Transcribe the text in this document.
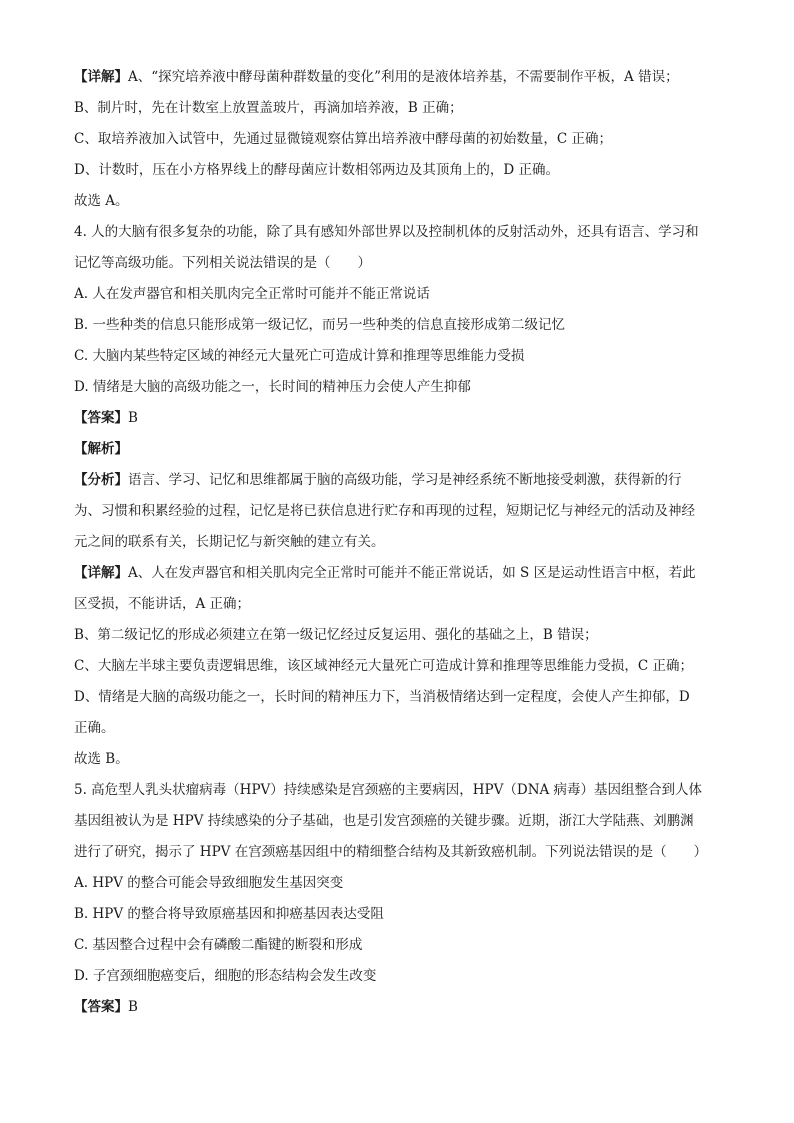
【详解】A、“探究培养液中酵母菌种群数量的变化”利用的是液体培养基，不需要制作平板，A 错误；
B、制片时，先在计数室上放置盖玻片，再滴加培养液，B 正确；
C、取培养液加入试管中，先通过显微镜观察估算出培养液中酵母菌的初始数量，C 正确；
D、计数时，压在小方格界线上的酵母菌应计数相邻两边及其顶角上的，D 正确。
故选 A。
4. 人的大脑有很多复杂的功能，除了具有感知外部世界以及控制机体的反射活动外，还具有语言、学习和
记忆等高级功能。下列相关说法错误的是（　　）
A. 人在发声器官和相关肌肉完全正常时可能并不能正常说话
B. 一些种类的信息只能形成第一级记忆，而另一些种类的信息直接形成第二级记忆
C. 大脑内某些特定区域的神经元大量死亡可造成计算和推理等思维能力受损
D. 情绪是大脑的高级功能之一，长时间的精神压力会使人产生抑郁
【答案】B
【解析】
【分析】语言、学习、记忆和思维都属于脑的高级功能，学习是神经系统不断地接受刺激，获得新的行
为、习惯和积累经验的过程，记忆是将已获信息进行贮存和再现的过程，短期记忆与神经元的活动及神经
元之间的联系有关，长期记忆与新突触的建立有关。
【详解】A、人在发声器官和相关肌肉完全正常时可能并不能正常说话，如 S 区是运动性语言中枢，若此
区受损，不能讲话，A 正确；
B、第二级记忆的形成必须建立在第一级记忆经过反复运用、强化的基础之上，B 错误；
C、大脑左半球主要负责逻辑思维，该区域神经元大量死亡可造成计算和推理等思维能力受损，C 正确；
D、情绪是大脑的高级功能之一，长时间的精神压力下，当消极情绪达到一定程度，会使人产生抑郁，D
正确。
故选 B。
5. 高危型人乳头状瘤病毒（HPV）持续感染是宫颈癌的主要病因，HPV（DNA 病毒）基因组整合到人体
基因组被认为是 HPV 持续感染的分子基础，也是引发宫颈癌的关键步骤。近期，浙江大学陆燕、刘鹏渊
进行了研究，揭示了 HPV 在宫颈癌基因组中的精细整合结构及其新致癌机制。下列说法错误的是（　　）
A. HPV 的整合可能会导致细胞发生基因突变
B. HPV 的整合将导致原癌基因和抑癌基因表达受阻
C. 基因整合过程中会有磷酸二酯键的断裂和形成
D. 子宫颈细胞癌变后，细胞的形态结构会发生改变
【答案】B
